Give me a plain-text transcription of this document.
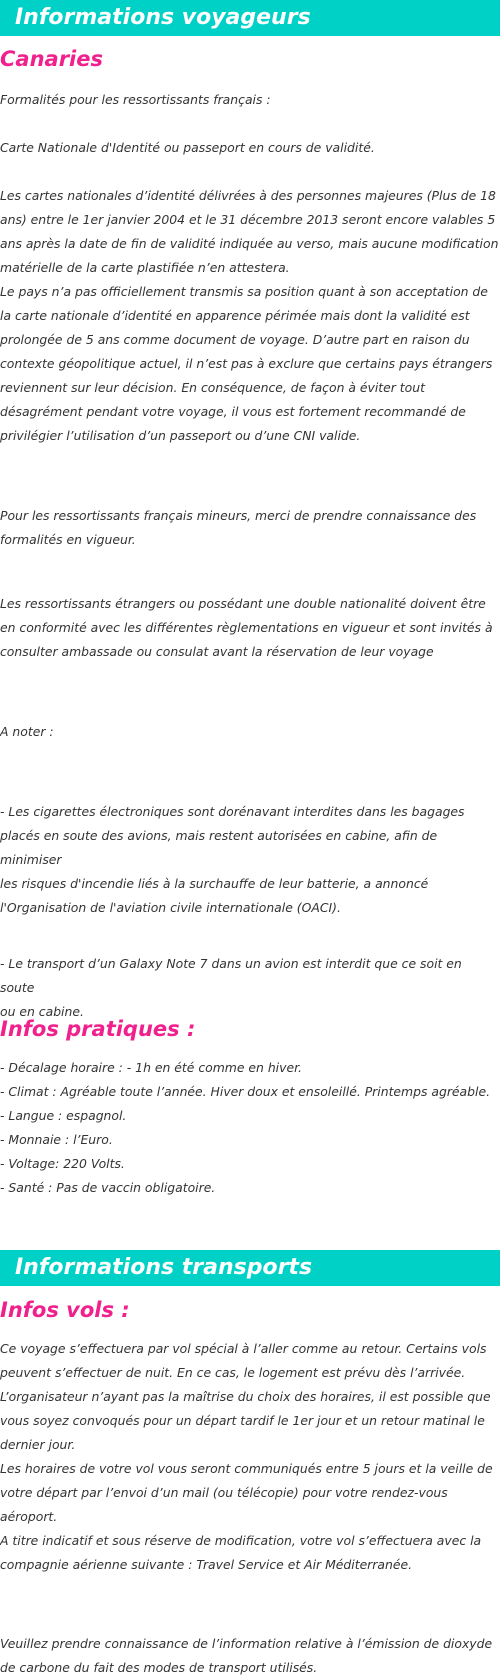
Informations voyageurs
Canaries
Formalités pour les ressortissants français :
Carte Nationale d'Identité ou passeport en cours de validité.
Les cartes nationales d’identité délivrées à des personnes majeures (Plus de 18
ans) entre le 1er janvier 2004 et le 31 décembre 2013 seront encore valables 5
ans après la date de fin de validité indiquée au verso, mais aucune modification
matérielle de la carte plastifiée n’en attestera.
Le pays n’a pas officiellement transmis sa position quant à son acceptation de
la carte nationale d’identité en apparence périmée mais dont la validité est
prolongée de 5 ans comme document de voyage. D’autre part en raison du
contexte géopolitique actuel, il n’est pas à exclure que certains pays étrangers
reviennent sur leur décision. En conséquence, de façon à éviter tout
désagrément pendant votre voyage, il vous est fortement recommandé de
privilégier l’utilisation d’un passeport ou d’une CNI valide.
Pour les ressortissants français mineurs, merci de prendre connaissance des
formalités en vigueur.
Les ressortissants étrangers ou possédant une double nationalité doivent être
en conformité avec les différentes règlementations en vigueur et sont invités à
consulter ambassade ou consulat avant la réservation de leur voyage
A noter :
- Les cigarettes électroniques sont dorénavant interdites dans les bagages
placés en soute des avions, mais restent autorisées en cabine, afin de minimiser
les risques d'incendie liés à la surchauffe de leur batterie, a annoncé
l'Organisation de l'aviation civile internationale (OACI).
- Le transport d’un Galaxy Note 7 dans un avion est interdit que ce soit en soute
ou en cabine.
Infos pratiques :
- Décalage horaire : - 1h en été comme en hiver.
- Climat : Agréable toute l’année. Hiver doux et ensoleillé. Printemps agréable.
- Langue : espagnol.
- Monnaie : l’Euro.
- Voltage: 220 Volts.
- Santé : Pas de vaccin obligatoire.
Informations transports
Infos vols :
Ce voyage s’effectuera par vol spécial à l’aller comme au retour. Certains vols
peuvent s’effectuer de nuit. En ce cas, le logement est prévu dès l’arrivée.
L’organisateur n’ayant pas la maîtrise du choix des horaires, il est possible que
vous soyez convoqués pour un départ tardif le 1er jour et un retour matinal le
dernier jour.
Les horaires de votre vol vous seront communiqués entre 5 jours et la veille de
votre départ par l’envoi d’un mail (ou télécopie) pour votre rendez-vous
aéroport.
A titre indicatif et sous réserve de modification, votre vol s’effectuera avec la
compagnie aérienne suivante : Travel Service et Air Méditerranée.
Veuillez prendre connaissance de l’information relative à l’émission de dioxyde
de carbone du fait des modes de transport utilisés.
